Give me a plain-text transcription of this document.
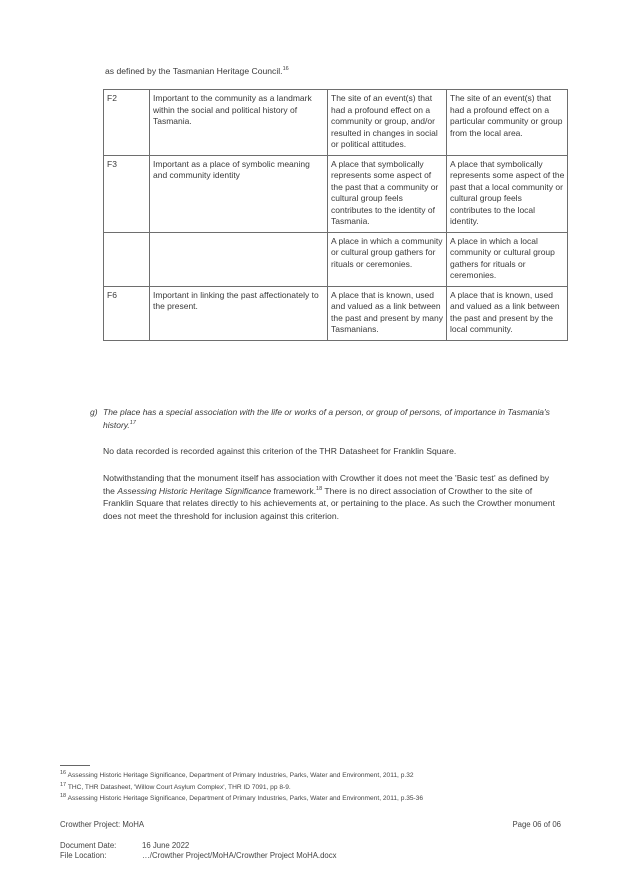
as defined by the Tasmanian Heritage Council.$^{16}$
F2	Important to the community as a landmark within the social and political history of Tasmania.	The site of an event(s) that had a profound effect on a community or group, and/or resulted in changes in social or political attitudes.	The site of an event(s) that had a profound effect on a particular community or group from the local area.
F3	Important as a place of symbolic meaning and community identity	A place that symbolically represents some aspect of the past that a community or cultural group feels contributes to the identity of Tasmania.	A place that symbolically represents some aspect of the past that a local community or cultural group feels contributes to the local identity.
		A place in which a community or cultural group gathers for rituals or ceremonies.	A place in which a local community or cultural group gathers for rituals or ceremonies.
F6	Important in linking the past affectionately to the present.	A place that is known, used and valued as a link between the past and present by many Tasmanians.	A place that is known, used and valued as a link between the past and present by the local community.
g) The place has a special association with the life or works of a person, or group of persons, of importance in Tasmania's history.$^{17}$
No data recorded is recorded against this criterion of the THR Datasheet for Franklin Square.
Notwithstanding that the monument itself has association with Crowther it does not meet the 'Basic test' as defined by the Assessing Historic Heritage Significance framework.$^{18}$ There is no direct association of Crowther to the site of Franklin Square that relates directly to his achievements at, or pertaining to the place. As such the Crowther monument does not meet the threshold for inclusion against this criterion.
$^{16}$ Assessing Historic Heritage Significance, Department of Primary Industries, Parks, Water and Environment, 2011, p.32
$^{17}$ THC, THR Datasheet, 'Willow Court Asylum Complex', THR ID 7091, pp 8-9.
$^{18}$ Assessing Historic Heritage Significance, Department of Primary Industries, Parks, Water and Environment, 2011, p.35-36
Crowther Project: MoHA	Page 06 of 06
Document Date:	16 June 2022
File Location:	…/Crowther Project/MoHA/Crowther Project MoHA.docx
